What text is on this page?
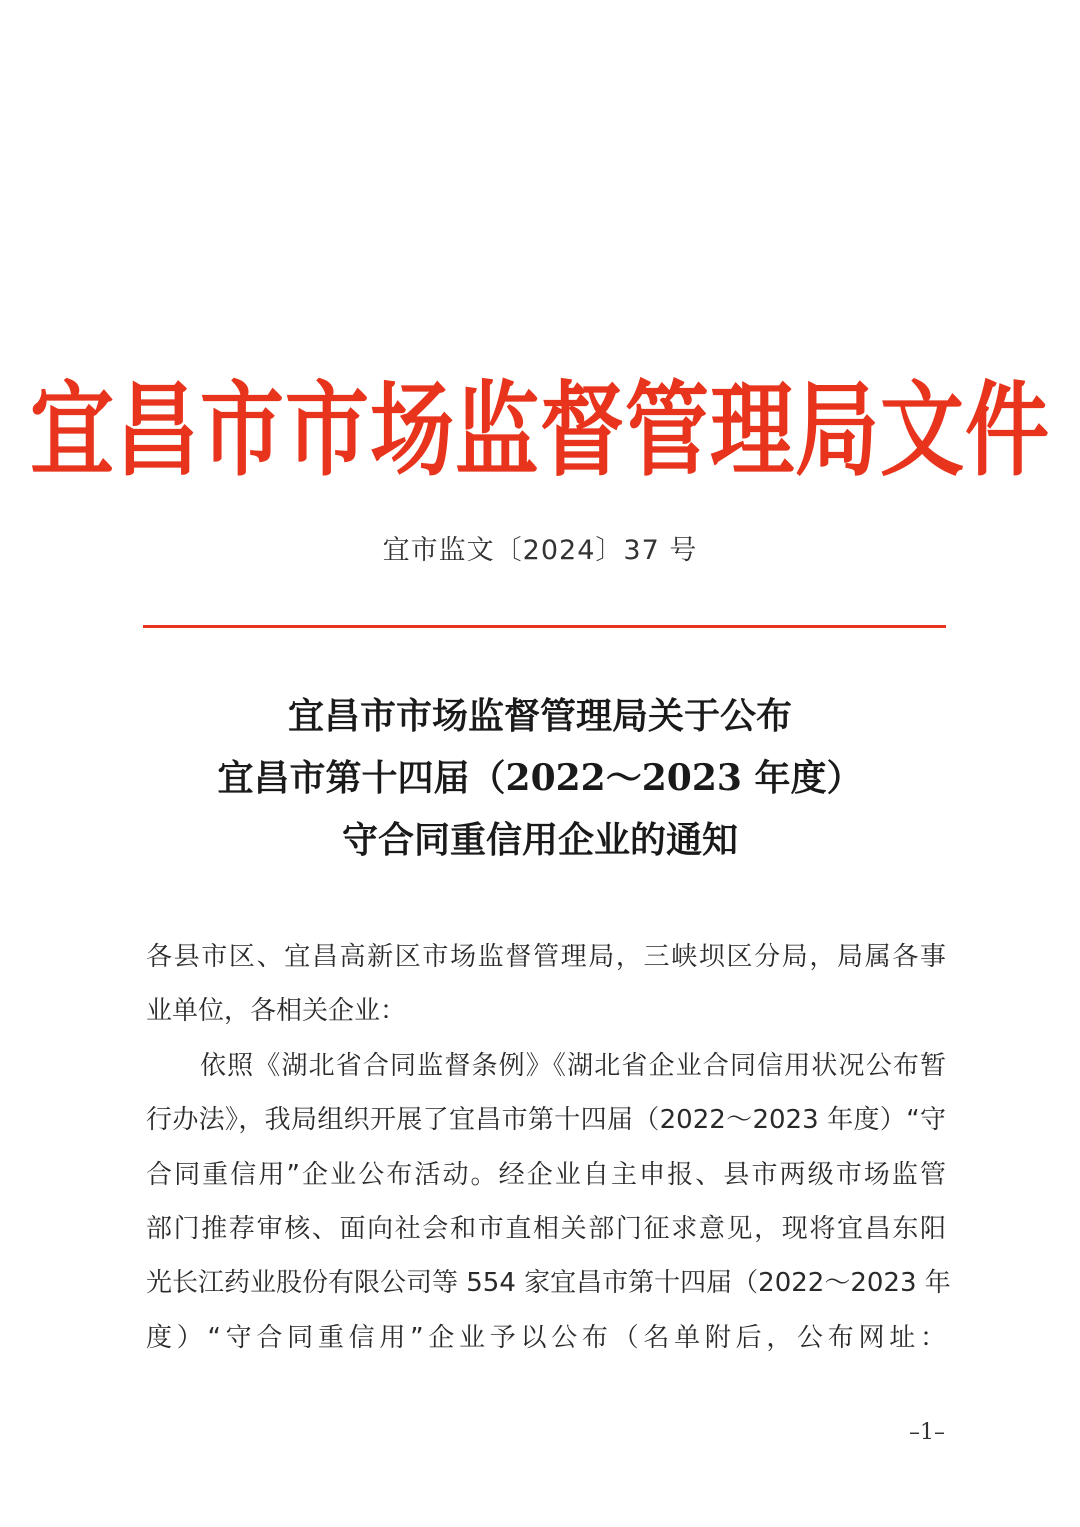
宜昌市市场监督管理局文件
宜市监文〔2024〕37 号
宜昌市市场监督管理局关于公布
宜昌市第十四届（2022～2023 年度）
守合同重信用企业的通知
各县市区、宜昌高新区市场监督管理局，三峡坝区分局，局属各事
业单位，各相关企业：
依照《湖北省合同监督条例》《湖北省企业合同信用状况公布暂
行办法》，我局组织开展了宜昌市第十四届（2022～2023 年度）“守
合同重信用”企业公布活动。经企业自主申报、县市两级市场监管
部门推荐审核、面向社会和市直相关部门征求意见，现将宜昌东阳
光长江药业股份有限公司等 554 家宜昌市第十四届（2022～2023 年
度）“守合同重信用”企业予以公布（名单附后，公布网址：
–1–
